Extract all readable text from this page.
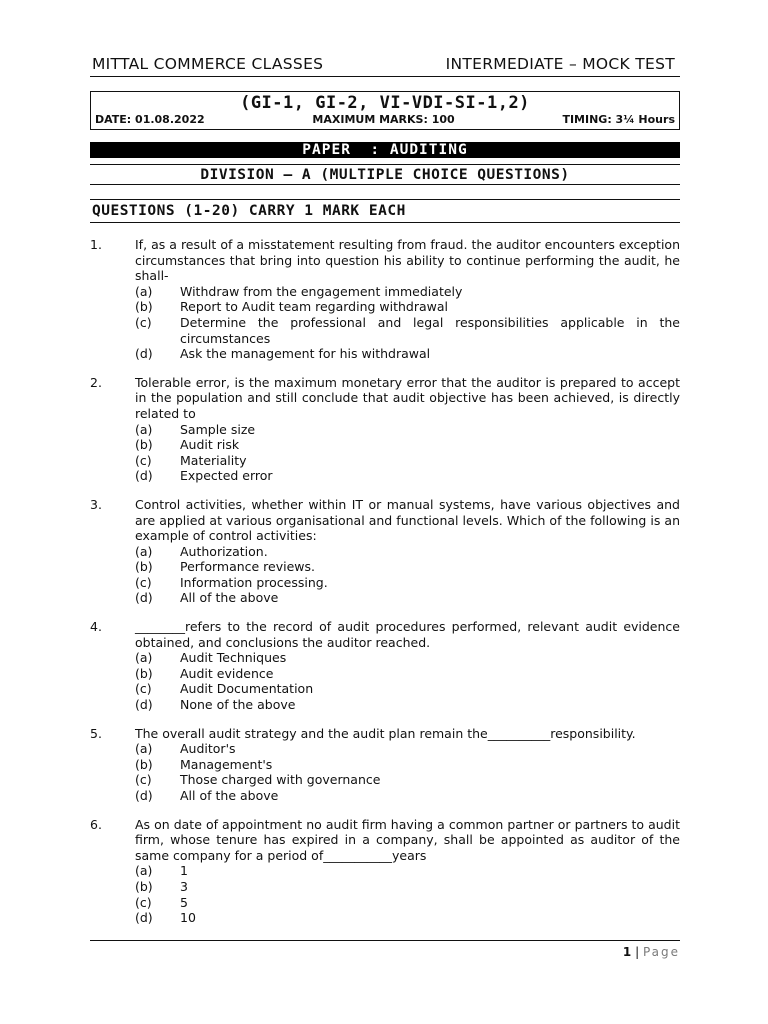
MITTAL COMMERCE CLASSES	INTERMEDIATE – MOCK TEST
(GI-1, GI-2, VI-VDI-SI-1,2)
DATE: 01.08.2022	MAXIMUM MARKS: 100	TIMING: 3¼ Hours
PAPER  : AUDITING
DIVISION – A (MULTIPLE CHOICE QUESTIONS)
QUESTIONS (1-20) CARRY 1 MARK EACH
1.	If, as a result of a misstatement resulting from fraud. the auditor encounters exception circumstances that bring into question his ability to continue performing the audit, he shall-
(a)	Withdraw from the engagement immediately
(b)	Report to Audit team regarding withdrawal
(c)	Determine the professional and legal responsibilities applicable in the circumstances
(d)	Ask the management for his withdrawal
2.	Tolerable error, is the maximum monetary error that the auditor is prepared to accept in the population and still conclude that audit objective has been achieved, is directly related to
(a)	Sample size
(b)	Audit risk
(c)	Materiality
(d)	Expected error
3.	Control activities, whether within IT or manual systems, have various objectives and are applied at various organisational and functional levels. Which of the following is an example of control activities:
(a)	Authorization.
(b)	Performance reviews.
(c)	Information processing.
(d)	All of the above
4.	________refers to the record of audit procedures performed, relevant audit evidence obtained, and conclusions the auditor reached.
(a)	Audit Techniques
(b)	Audit evidence
(c)	Audit Documentation
(d)	None of the above
5.	The overall audit strategy and the audit plan remain the__________responsibility.
(a)	Auditor's
(b)	Management's
(c)	Those charged with governance
(d)	All of the above
6.	As on date of appointment no audit firm having a common partner or partners to audit firm, whose tenure has expired in a company, shall be appointed as auditor of the same company for a period of___________years
(a)	1
(b)	3
(c)	5
(d)	10
1 | Page
